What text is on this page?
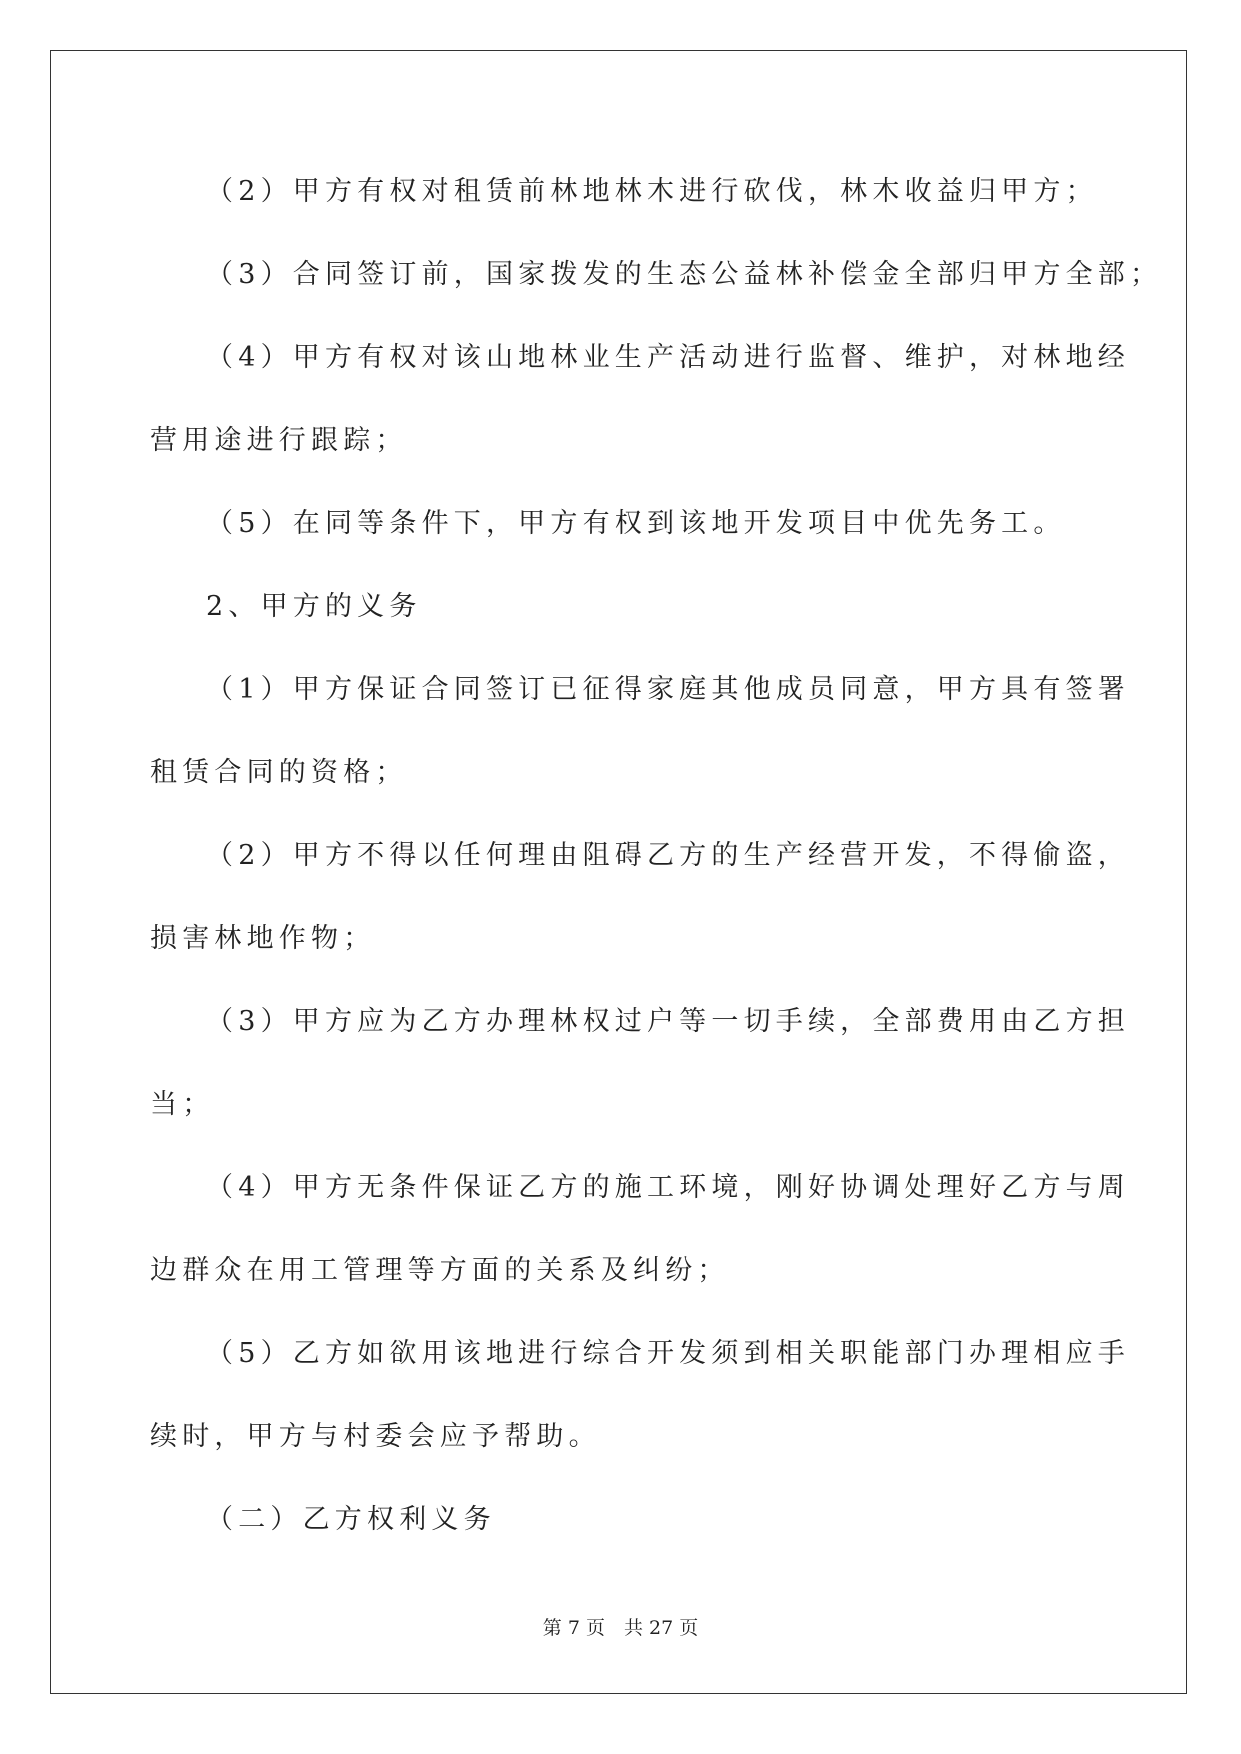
（2）甲方有权对租赁前林地林木进行砍伐，林木收益归甲方；
（3）合同签订前，国家拨发的生态公益林补偿金全部归甲方全部；
（4）甲方有权对该山地林业生产活动进行监督、维护，对林地经
营用途进行跟踪；
（5）在同等条件下，甲方有权到该地开发项目中优先务工。
2、甲方的义务
（1）甲方保证合同签订已征得家庭其他成员同意，甲方具有签署
租赁合同的资格；
（2）甲方不得以任何理由阻碍乙方的生产经营开发，不得偷盗，
损害林地作物；
（3）甲方应为乙方办理林权过户等一切手续，全部费用由乙方担
当；
（4）甲方无条件保证乙方的施工环境，刚好协调处理好乙方与周
边群众在用工管理等方面的关系及纠纷；
（5）乙方如欲用该地进行综合开发须到相关职能部门办理相应手
续时，甲方与村委会应予帮助。
（二）乙方权利义务
第 7 页　共 27 页
